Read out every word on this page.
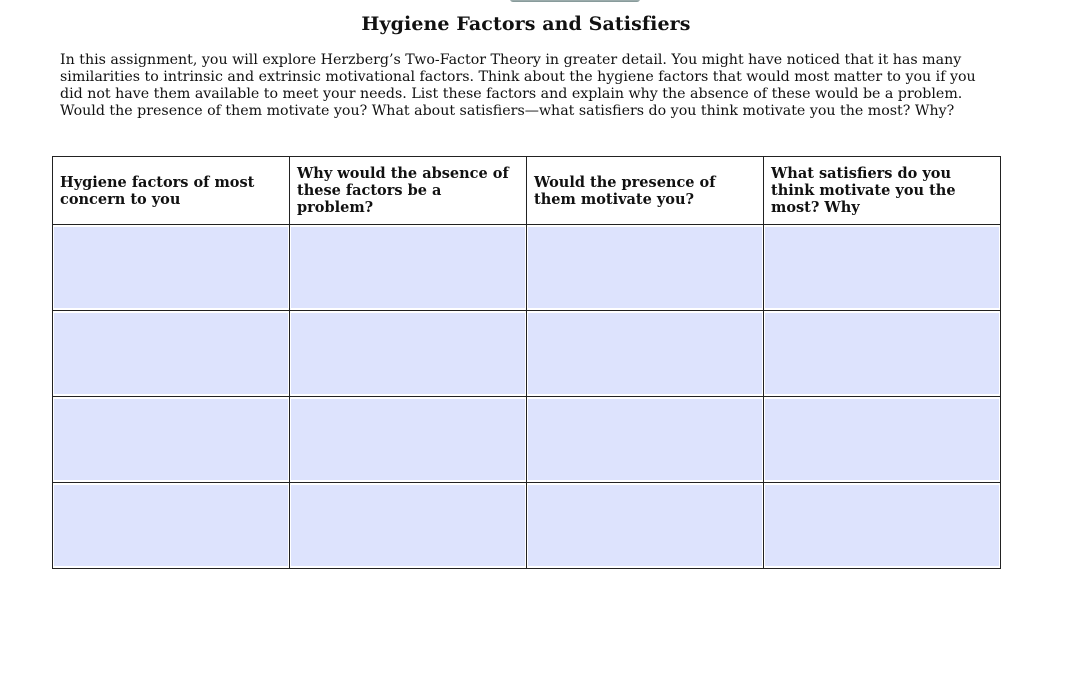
Hygiene Factors and Satisfiers

In this assignment, you will explore Herzberg’s Two-Factor Theory in greater detail. You might have noticed that it has many similarities to intrinsic and extrinsic motivational factors. Think about the hygiene factors that would most matter to you if you did not have them available to meet your needs. List these factors and explain why the absence of these would be a problem. Would the presence of them motivate you? What about satisfiers—what satisfiers do you think motivate you the most? Why?

Hygiene factors of most concern to you	Why would the absence of these factors be a problem?	Would the presence of them motivate you?	What satisfiers do you think motivate you the most? Why
